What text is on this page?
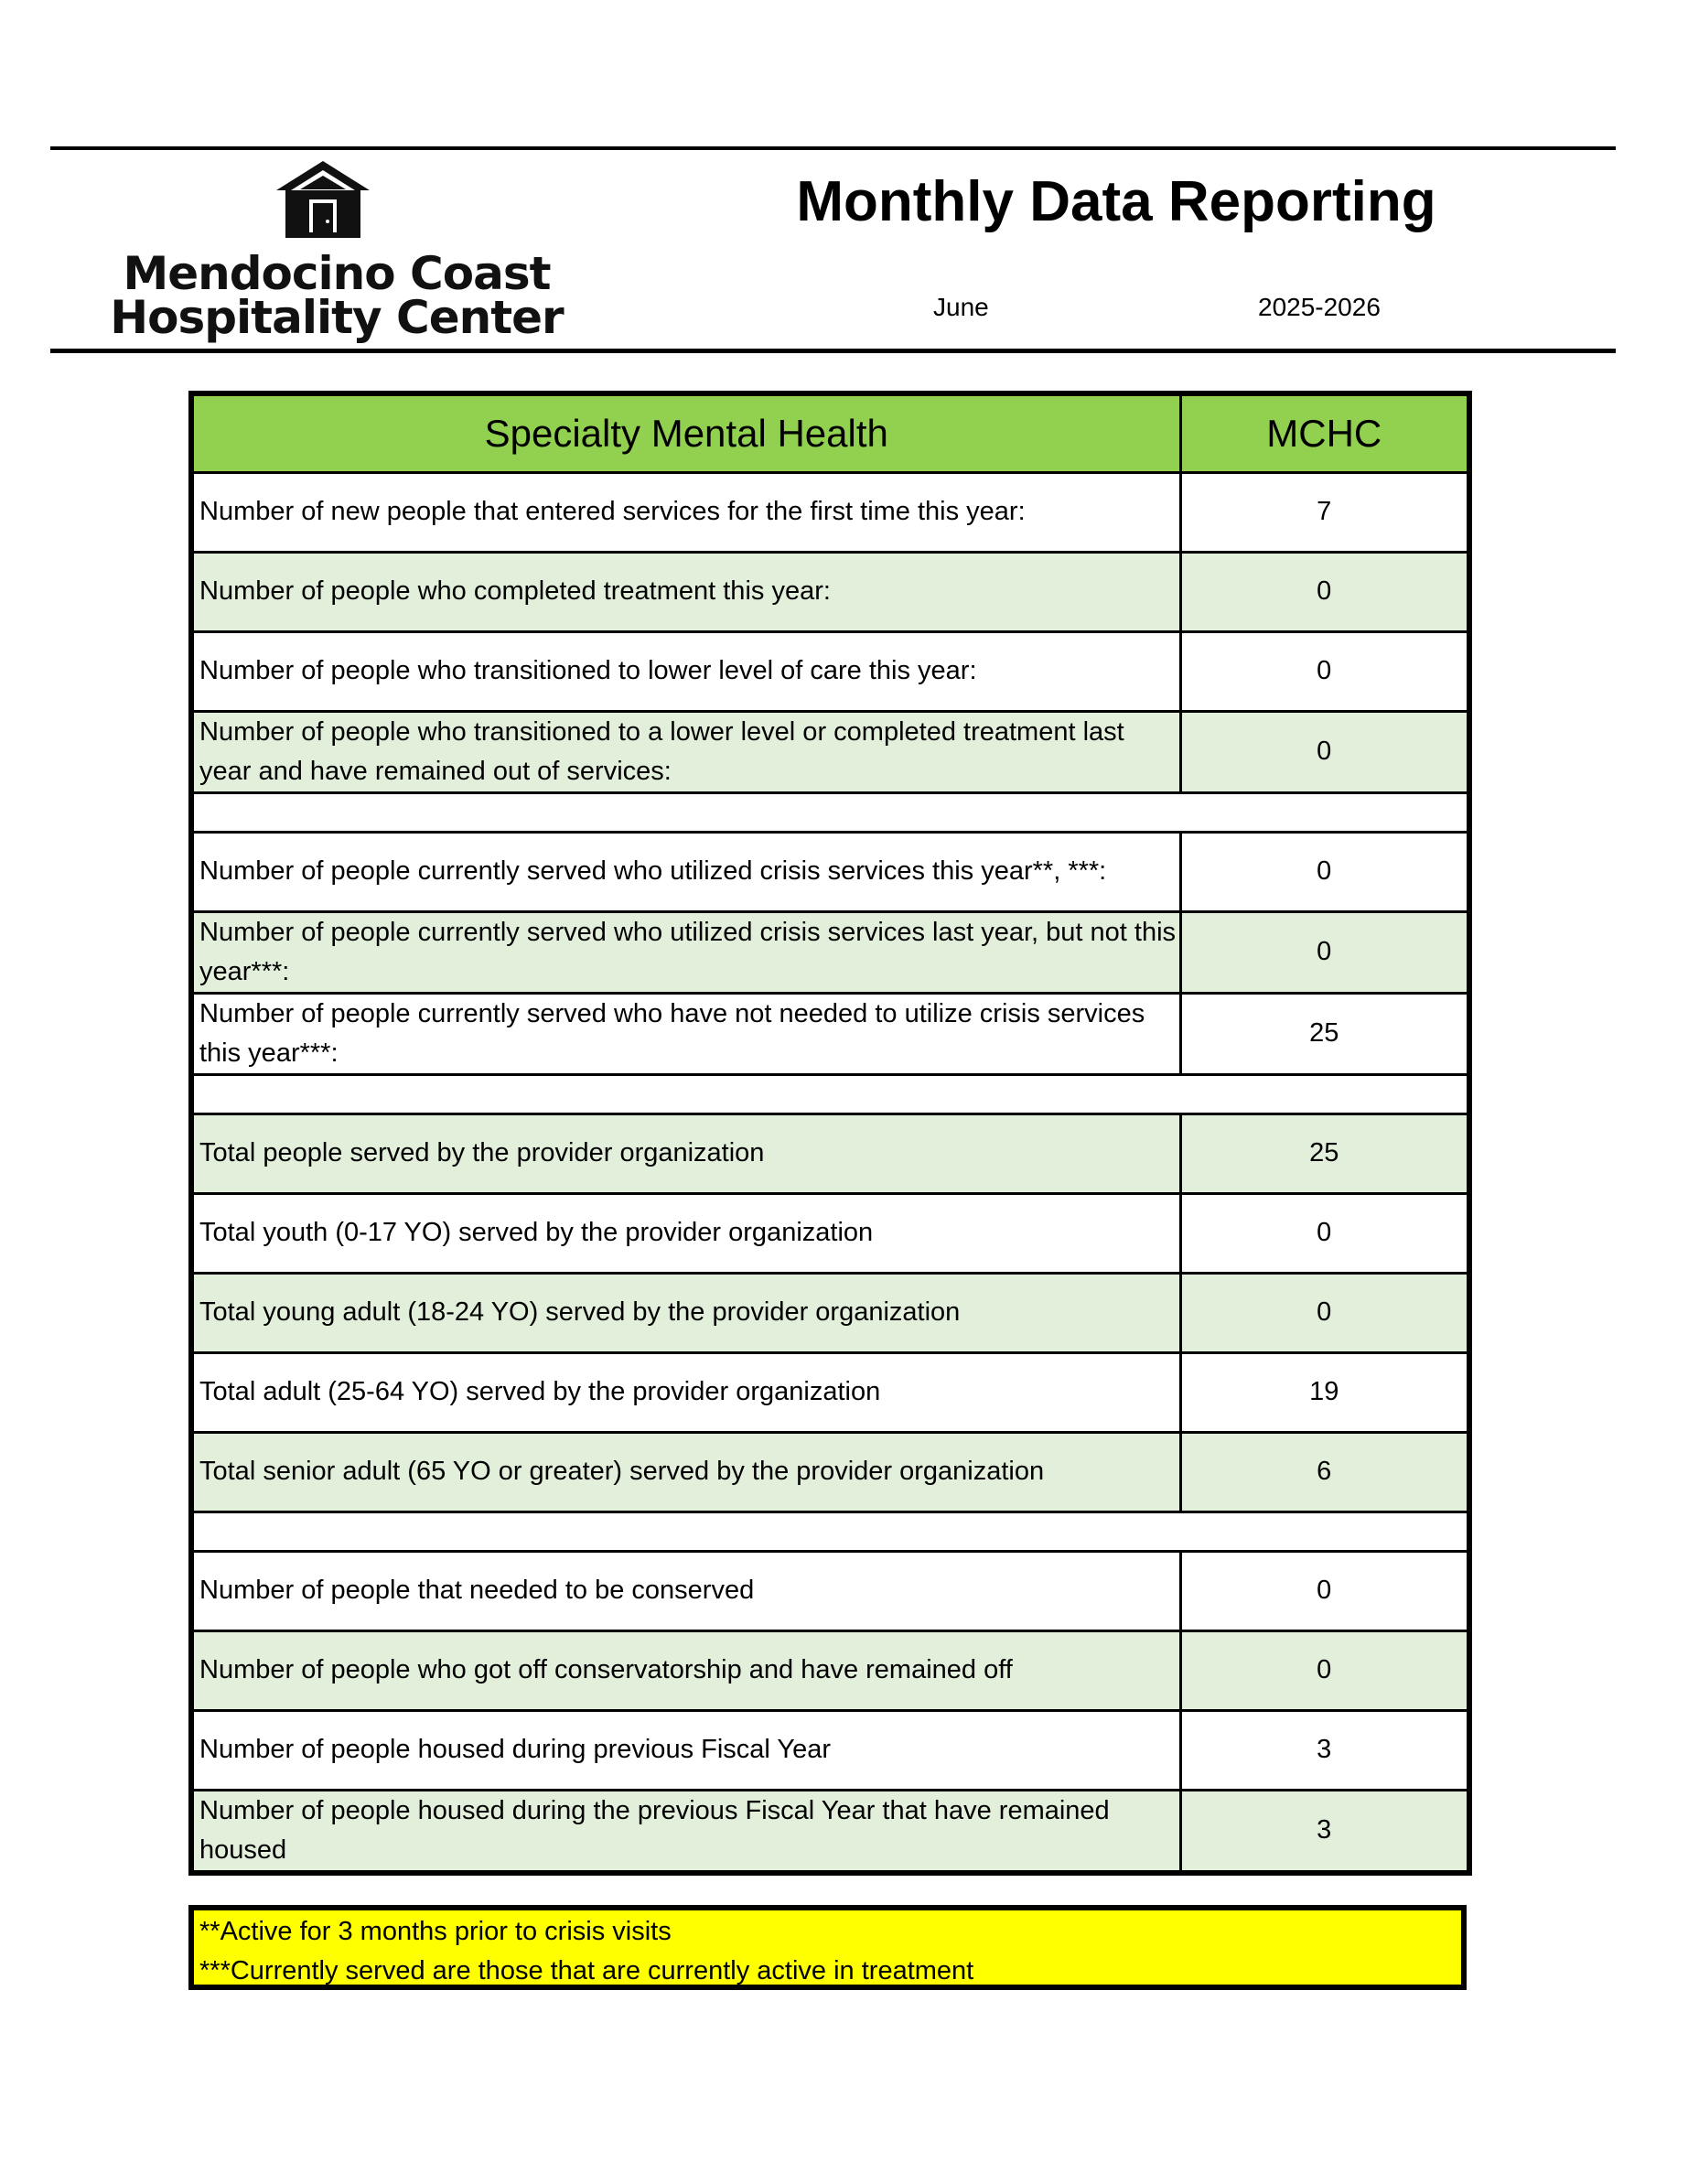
Mendocino Coast
Hospitality Center
Monthly Data Reporting
June	2025-2026
Specialty Mental Health	MCHC
Number of new people that entered services for the first time this year:	7
Number of people who completed treatment this year:	0
Number of people who transitioned to lower level of care this year:	0
Number of people who transitioned to a lower level or completed treatment last year and have remained out of services:	0

Number of people currently served who utilized crisis services this year**, ***:	0
Number of people currently served who utilized crisis services last year, but not this year***:	0
Number of people currently served who have not needed to utilize crisis services this year***:	25

Total people served by the provider organization	25
Total youth (0-17 YO) served by the provider organization	0
Total young adult (18-24 YO) served by the provider organization	0
Total adult (25-64 YO) served by the provider organization	19
Total senior adult (65 YO or greater) served by the provider organization	6

Number of people that needed to be conserved	0
Number of people who got off conservatorship and have remained off	0
Number of people housed during previous Fiscal Year	3
Number of people housed during the previous Fiscal Year that have remained housed	3
**Active for 3 months prior to crisis visits
***Currently served are those that are currently active in treatment
